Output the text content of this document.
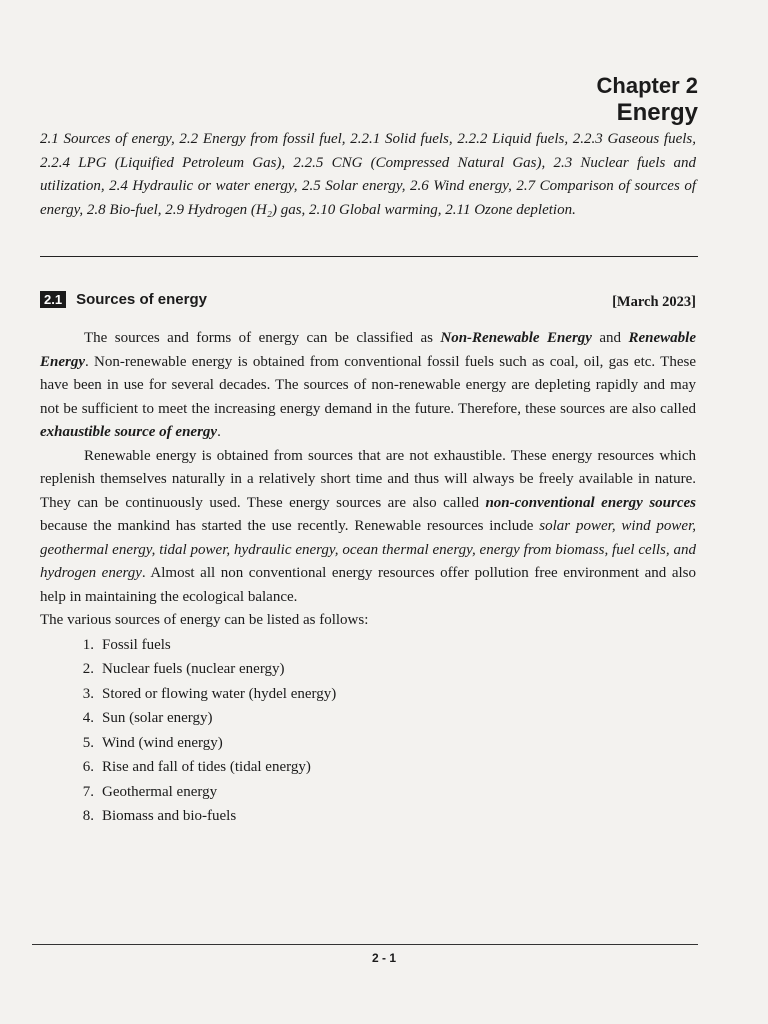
Chapter 2
Energy
2.1 Sources of energy, 2.2 Energy from fossil fuel, 2.2.1 Solid fuels, 2.2.2 Liquid fuels, 2.2.3 Gaseous fuels, 2.2.4 LPG (Liquified Petroleum Gas), 2.2.5 CNG (Compressed Natural Gas), 2.3 Nuclear fuels and utilization, 2.4 Hydraulic or water energy, 2.5 Solar energy, 2.6 Wind energy, 2.7 Comparison of sources of energy, 2.8 Bio-fuel, 2.9 Hydrogen (H₂) gas, 2.10 Global warming, 2.11 Ozone depletion.
2.1 Sources of energy	[March 2023]

The sources and forms of energy can be classified as Non-Renewable Energy and Renewable Energy. Non-renewable energy is obtained from conventional fossil fuels such as coal, oil, gas etc. These have been in use for several decades. The sources of non-renewable energy are depleting rapidly and may not be sufficient to meet the increasing energy demand in the future. Therefore, these sources are also called exhaustible source of energy.

Renewable energy is obtained from sources that are not exhaustible. These energy resources which replenish themselves naturally in a relatively short time and thus will always be freely available in nature. They can be continuously used. These energy sources are also called non-conventional energy sources because the mankind has started the use recently. Renewable resources include solar power, wind power, geothermal energy, tidal power, hydraulic energy, ocean thermal energy, energy from biomass, fuel cells, and hydrogen energy. Almost all non conventional energy resources offer pollution free environment and also help in maintaining the ecological balance.

The various sources of energy can be listed as follows:

1. Fossil fuels
2. Nuclear fuels (nuclear energy)
3. Stored or flowing water (hydel energy)
4. Sun (solar energy)
5. Wind (wind energy)
6. Rise and fall of tides (tidal energy)
7. Geothermal energy
8. Biomass and bio-fuels
2 - 1
